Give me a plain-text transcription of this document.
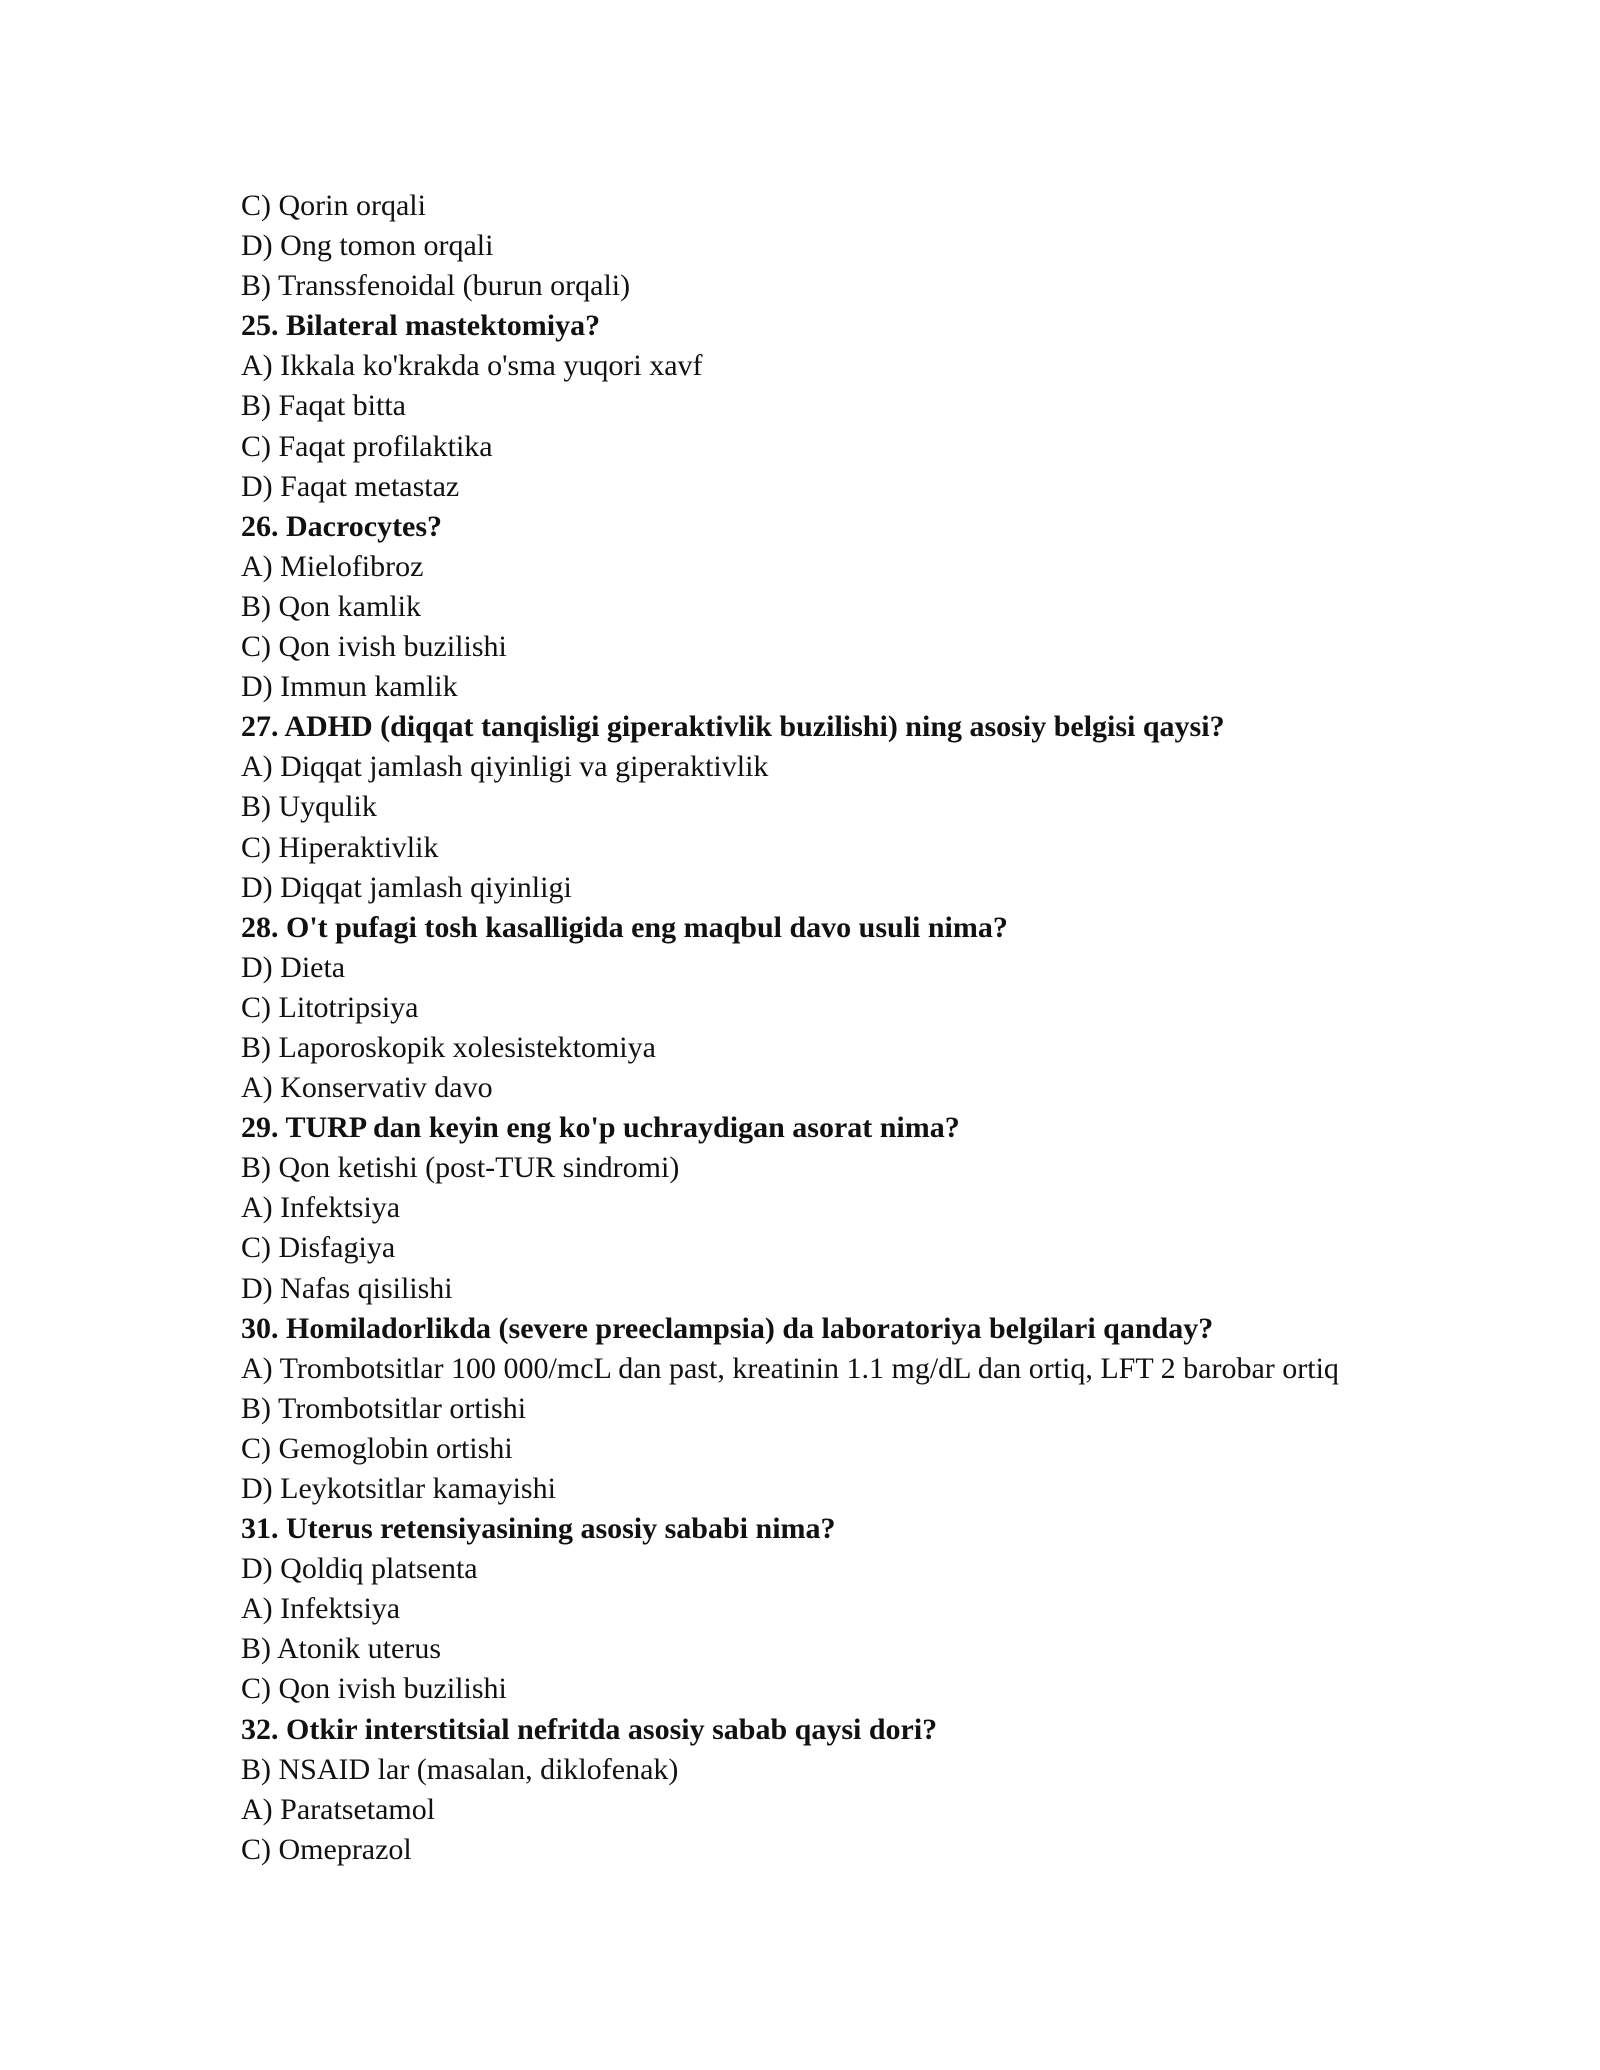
C) Qorin orqali
D) Ong tomon orqali
B) Transsfenoidal (burun orqali)
25. Bilateral mastektomiya?
A) Ikkala ko'krakda o'sma yuqori xavf
B) Faqat bitta
C) Faqat profilaktika
D) Faqat metastaz
26. Dacrocytes?
A) Mielofibroz
B) Qon kamlik
C) Qon ivish buzilishi
D) Immun kamlik
27. ADHD (diqqat tanqisligi giperaktivlik buzilishi) ning asosiy belgisi qaysi?
A) Diqqat jamlash qiyinligi va giperaktivlik
B) Uyqulik
C) Hiperaktivlik
D) Diqqat jamlash qiyinligi
28. O't pufagi tosh kasalligida eng maqbul davo usuli nima?
D) Dieta
C) Litotripsiya
B) Laporoskopik xolesistektomiya
A) Konservativ davo
29. TURP dan keyin eng ko'p uchraydigan asorat nima?
B) Qon ketishi (post-TUR sindromi)
A) Infektsiya
C) Disfagiya
D) Nafas qisilishi
30. Homiladorlikda (severe preeclampsia) da laboratoriya belgilari qanday?
A) Trombotsitlar 100 000/mcL dan past, kreatinin 1.1 mg/dL dan ortiq, LFT 2 barobar ortiq
B) Trombotsitlar ortishi
C) Gemoglobin ortishi
D) Leykotsitlar kamayishi
31. Uterus retensiyasining asosiy sababi nima?
D) Qoldiq platsenta
A) Infektsiya
B) Atonik uterus
C) Qon ivish buzilishi
32. Otkir interstitsial nefritda asosiy sabab qaysi dori?
B) NSAID lar (masalan, diklofenak)
A) Paratsetamol
C) Omeprazol
